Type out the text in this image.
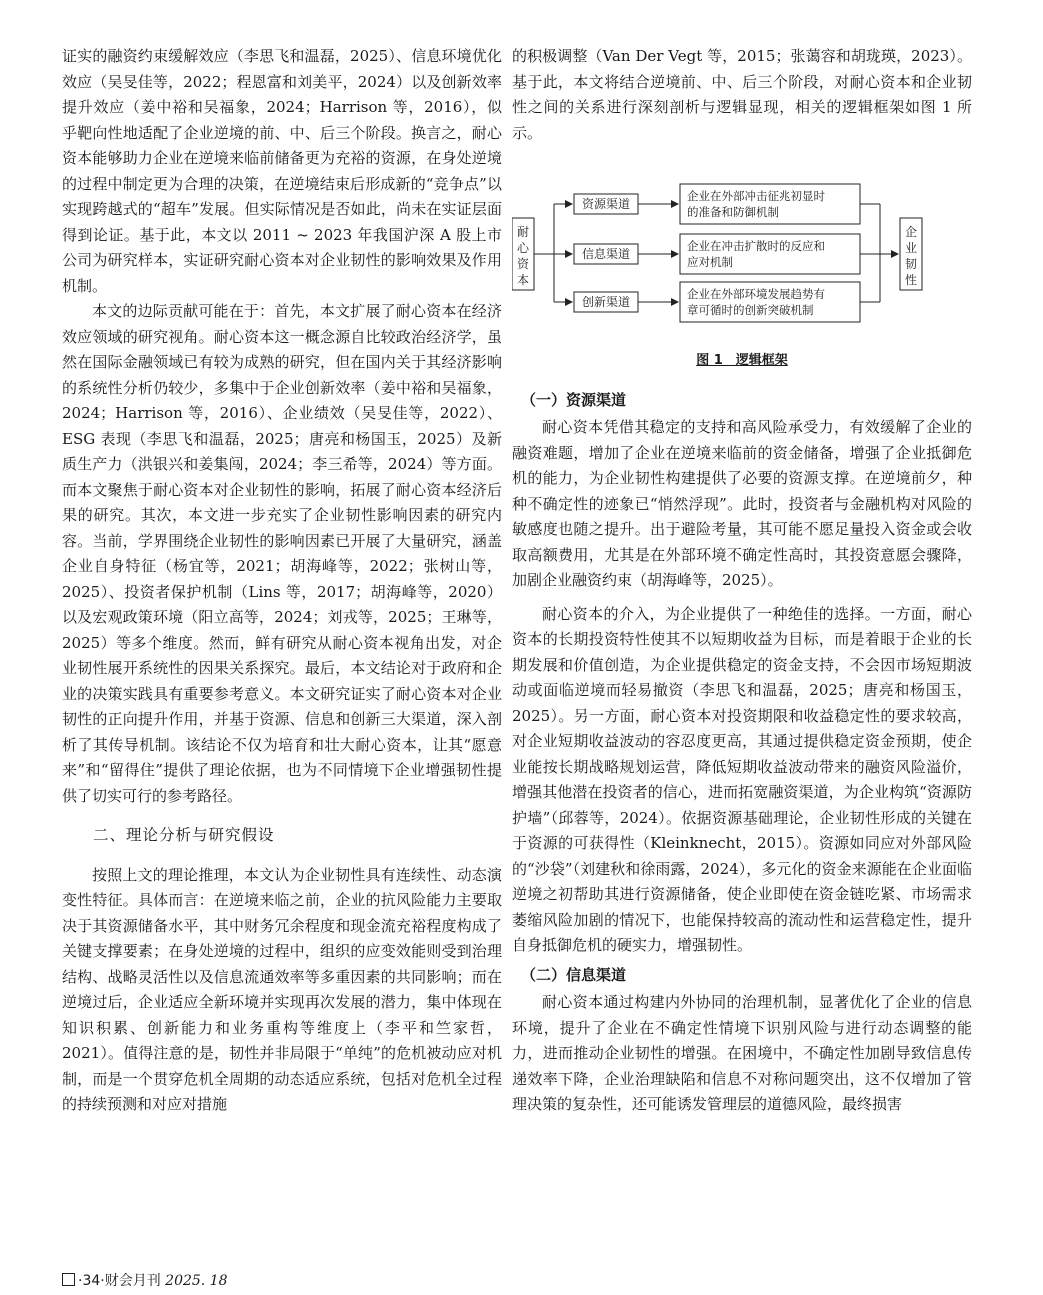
证实的融资约束缓解效应（李思飞和温磊，2025）、信息环境优化效应（吴旻佳等，2022；程恩富和刘美平，2024）以及创新效率提升效应（姜中裕和吴福象，2024；Harrison 等，2016），似乎靶向性地适配了企业逆境的前、中、后三个阶段。换言之，耐心资本能够助力企业在逆境来临前储备更为充裕的资源，在身处逆境的过程中制定更为合理的决策，在逆境结束后形成新的“竞争点”以实现跨越式的“超车”发展。但实际情况是否如此，尚未在实证层面得到论证。基于此，本文以 2011 ~ 2023 年我国沪深 A 股上市公司为研究样本，实证研究耐心资本对企业韧性的影响效果及作用机制。

本文的边际贡献可能在于：首先，本文扩展了耐心资本在经济效应领域的研究视角。耐心资本这一概念源自比较政治经济学，虽然在国际金融领域已有较为成熟的研究，但在国内关于其经济影响的系统性分析仍较少，多集中于企业创新效率（姜中裕和吴福象，2024；Harrison 等，2016）、企业绩效（吴旻佳等，2022）、ESG 表现（李思飞和温磊，2025；唐亮和杨国玉，2025）及新质生产力（洪银兴和姜集闯，2024；李三希等，2024）等方面。而本文聚焦于耐心资本对企业韧性的影响，拓展了耐心资本经济后果的研究。其次，本文进一步充实了企业韧性影响因素的研究内容。当前，学界围绕企业韧性的影响因素已开展了大量研究，涵盖企业自身特征（杨宜等，2021；胡海峰等，2022；张树山等，2025）、投资者保护机制（Lins 等，2017；胡海峰等，2020）以及宏观政策环境（阳立高等，2024；刘戎等，2025；王琳等，2025）等多个维度。然而，鲜有研究从耐心资本视角出发，对企业韧性展开系统性的因果关系探究。最后，本文结论对于政府和企业的决策实践具有重要参考意义。本文研究证实了耐心资本对企业韧性的正向提升作用，并基于资源、信息和创新三大渠道，深入剖析了其传导机制。该结论不仅为培育和壮大耐心资本，让其“愿意来”和“留得住”提供了理论依据，也为不同情境下企业增强韧性提供了切实可行的参考路径。

二、理论分析与研究假设

按照上文的理论推理，本文认为企业韧性具有连续性、动态演变性特征。具体而言：在逆境来临之前，企业的抗风险能力主要取决于其资源储备水平，其中财务冗余程度和现金流充裕程度构成了关键支撑要素；在身处逆境的过程中，组织的应变效能则受到治理结构、战略灵活性以及信息流通效率等多重因素的共同影响；而在逆境过后，企业适应全新环境并实现再次发展的潜力，集中体现在知识积累、创新能力和业务重构等维度上（李平和竺家哲，2021）。值得注意的是，韧性并非局限于“单纯”的危机被动应对机制，而是一个贯穿危机全周期的动态适应系统，包括对危机全过程的持续预测和对应对措施

的积极调整（Van Der Vegt 等，2015；张蔼容和胡珑瑛，2023）。基于此，本文将结合逆境前、中、后三个阶段，对耐心资本和企业韧性之间的关系进行深刻剖析与逻辑显现，相关的逻辑框架如图 1 所示。

耐 心 资 本
资源渠道
信息渠道
创新渠道
企业在外部冲击征兆初显时
的准备和防御机制
企业在冲击扩散时的反应和
应对机制
企业在外部环境发展趋势有
章可循时的创新突破机制
企 业 韧 性
图 1　逻辑框架
（一）资源渠道

耐心资本凭借其稳定的支持和高风险承受力，有效缓解了企业的融资难题，增加了企业在逆境来临前的资金储备，增强了企业抵御危机的能力，为企业韧性构建提供了必要的资源支撑。在逆境前夕，种种不确定性的迹象已“悄然浮现”。此时，投资者与金融机构对风险的敏感度也随之提升。出于避险考量，其可能不愿足量投入资金或会收取高额费用，尤其是在外部环境不确定性高时，其投资意愿会骤降，加剧企业融资约束（胡海峰等，2025）。

耐心资本的介入，为企业提供了一种绝佳的选择。一方面，耐心资本的长期投资特性使其不以短期收益为目标，而是着眼于企业的长期发展和价值创造，为企业提供稳定的资金支持，不会因市场短期波动或面临逆境而轻易撤资（李思飞和温磊，2025；唐亮和杨国玉，2025）。另一方面，耐心资本对投资期限和收益稳定性的要求较高，对企业短期收益波动的容忍度更高，其通过提供稳定资金预期，使企业能按长期战略规划运营，降低短期收益波动带来的融资风险溢价，增强其他潜在投资者的信心，进而拓宽融资渠道，为企业构筑“资源防护墙”（邱蓉等，2024）。依据资源基础理论，企业韧性形成的关键在于资源的可获得性（Kleinknecht，2015）。资源如同应对外部风险的“沙袋”（刘建秋和徐雨露，2024），多元化的资金来源能在企业面临逆境之初帮助其进行资源储备，使企业即使在资金链吃紧、市场需求萎缩风险加剧的情况下，也能保持较高的流动性和运营稳定性，提升自身抵御危机的硬实力，增强韧性。

（二）信息渠道

耐心资本通过构建内外协同的治理机制，显著优化了企业的信息环境，提升了企业在不确定性情境下识别风险与进行动态调整的能力，进而推动企业韧性的增强。在困境中，不确定性加剧导致信息传递效率下降，企业治理缺陷和信息不对称问题突出，这不仅增加了管理决策的复杂性，还可能诱发管理层的道德风险，最终损害

·34·财会月刊 2025. 18
